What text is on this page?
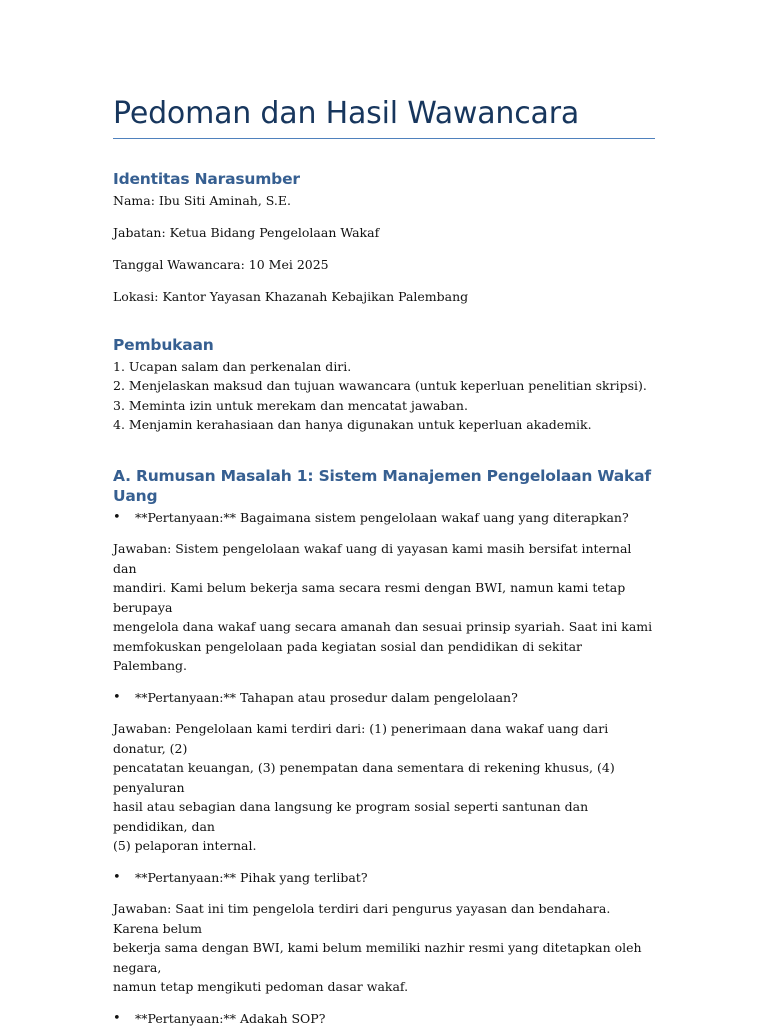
Pedoman dan Hasil Wawancara
Identitas Narasumber

Nama: Ibu Siti Aminah, S.E.

Jabatan: Ketua Bidang Pengelolaan Wakaf

Tanggal Wawancara: 10 Mei 2025

Lokasi: Kantor Yayasan Khazanah Kebajikan Palembang

Pembukaan

1. Ucapan salam dan perkenalan diri.

2. Menjelaskan maksud dan tujuan wawancara (untuk keperluan penelitian skripsi).

3. Meminta izin untuk merekam dan mencatat jawaban.

4. Menjamin kerahasiaan dan hanya digunakan untuk keperluan akademik.

A. Rumusan Masalah 1: Sistem Manajemen Pengelolaan Wakaf Uang

• **Pertanyaan:** Bagaimana sistem pengelolaan wakaf uang yang diterapkan?

Jawaban: Sistem pengelolaan wakaf uang di yayasan kami masih bersifat internal dan

mandiri. Kami belum bekerja sama secara resmi dengan BWI, namun kami tetap berupaya

mengelola dana wakaf uang secara amanah dan sesuai prinsip syariah. Saat ini kami

memfokuskan pengelolaan pada kegiatan sosial dan pendidikan di sekitar Palembang.

• **Pertanyaan:** Tahapan atau prosedur dalam pengelolaan?

Jawaban: Pengelolaan kami terdiri dari: (1) penerimaan dana wakaf uang dari donatur, (2)

pencatatan keuangan, (3) penempatan dana sementara di rekening khusus, (4) penyaluran

hasil atau sebagian dana langsung ke program sosial seperti santunan dan pendidikan, dan

(5) pelaporan internal.

• **Pertanyaan:** Pihak yang terlibat?

Jawaban: Saat ini tim pengelola terdiri dari pengurus yayasan dan bendahara. Karena belum

bekerja sama dengan BWI, kami belum memiliki nazhir resmi yang ditetapkan oleh negara,

namun tetap mengikuti pedoman dasar wakaf.

• **Pertanyaan:** Adakah SOP?
